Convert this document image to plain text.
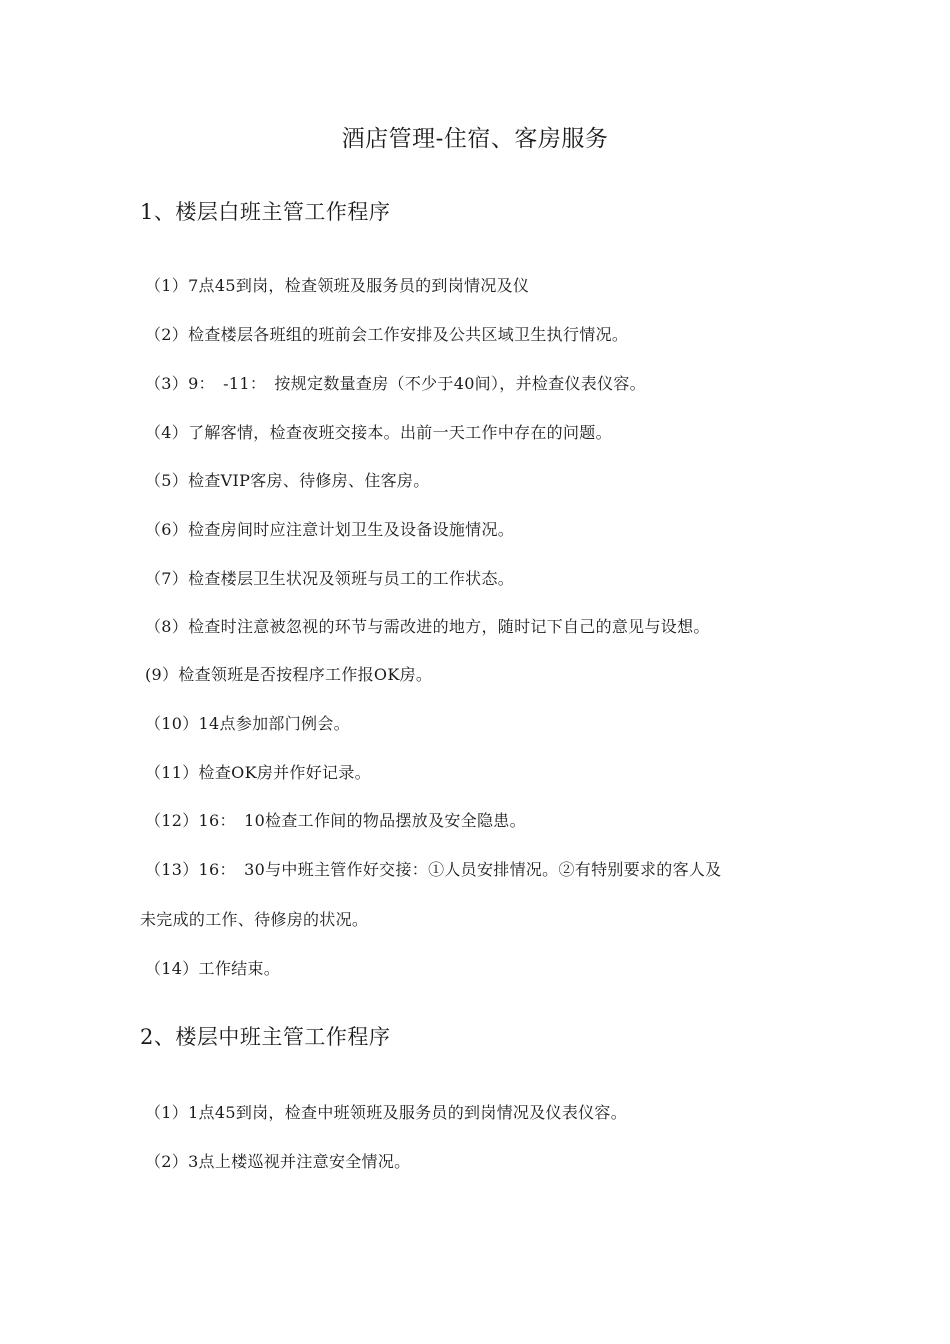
酒店管理-住宿、客房服务
1、楼层白班主管工作程序
（1）7点45到岗，检查领班及服务员的到岗情况及仪
（2）检查楼层各班组的班前会工作安排及公共区域卫生执行情况。
（3）9：　-11：　按规定数量查房（不少于40间），并检查仪表仪容。
（4）了解客情，检查夜班交接本。出前一天工作中存在的问题。
（5）检查VIP客房、待修房、住客房。
（6）检查房间时应注意计划卫生及设备设施情况。
（7）检查楼层卫生状况及领班与员工的工作状态。
（8）检查时注意被忽视的环节与需改进的地方，随时记下自己的意见与设想。
(9）检查领班是否按程序工作报OK房。
（10）14点参加部门例会。
（11）检查OK房并作好记录。
（12）16：　10检查工作间的物品摆放及安全隐患。
（13）16：　30与中班主管作好交接：①人员安排情况。②有特别要求的客人及
未完成的工作、待修房的状况。
（14）工作结束。
2、楼层中班主管工作程序
（1）1点45到岗，检查中班领班及服务员的到岗情况及仪表仪容。
（2）3点上楼巡视并注意安全情况。
